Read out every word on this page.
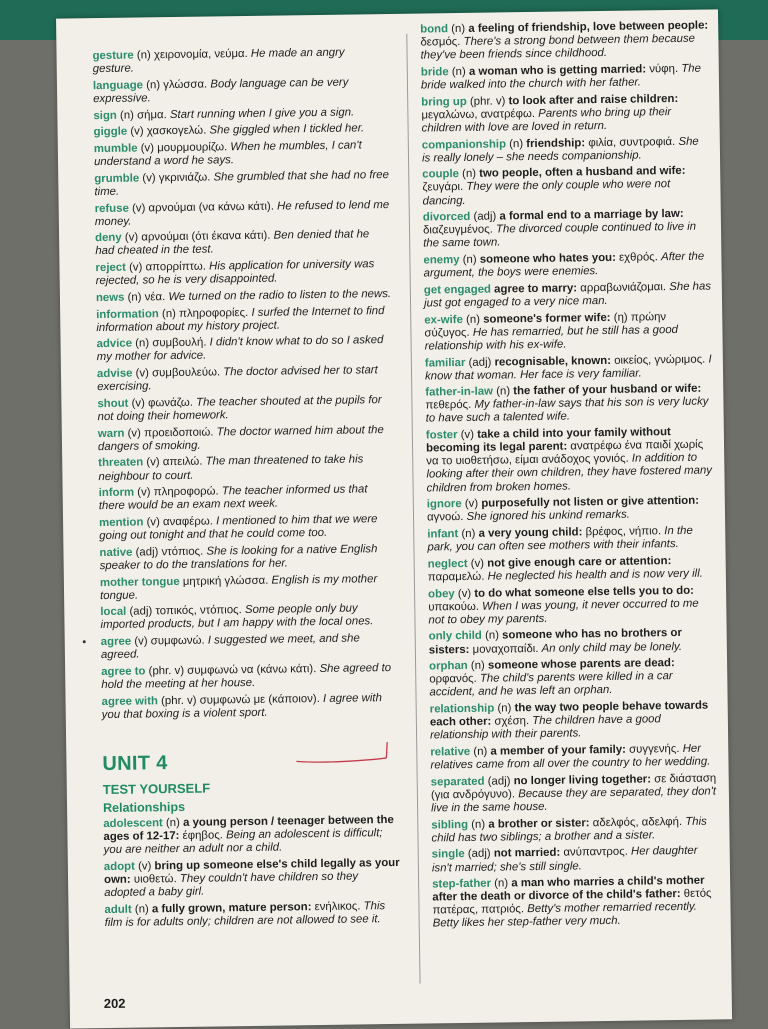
gesture (n) χειρονομία, νεύμα. He made an angry gesture.
language (n) γλώσσα. Body language can be very expressive.
sign (n) σήμα. Start running when I give you a sign.
giggle (v) χασκογελώ. She giggled when I tickled her.
mumble (v) μουρμουρίζω. When he mumbles, I can't understand a word he says.
grumble (v) γκρινιάζω. She grumbled that she had no free time.
refuse (v) αρνούμαι (να κάνω κάτι). He refused to lend me money.
deny (v) αρνούμαι (ότι έκανα κάτι). Ben denied that he had cheated in the test.
reject (v) απορρίπτω. His application for university was rejected, so he is very disappointed.
news (n) νέα. We turned on the radio to listen to the news.
information (n) πληροφορίες. I surfed the Internet to find information about my history project.
advice (n) συμβουλή. I didn't know what to do so I asked my mother for advice.
advise (v) συμβουλεύω. The doctor advised her to start exercising.
shout (v) φωνάζω. The teacher shouted at the pupils for not doing their homework.
warn (v) προειδοποιώ. The doctor warned him about the dangers of smoking.
threaten (v) απειλώ. The man threatened to take his neighbour to court.
inform (v) πληροφορώ. The teacher informed us that there would be an exam next week.
mention (v) αναφέρω. I mentioned to him that we were going out tonight and that he could come too.
native (adj) ντόπιος. She is looking for a native English speaker to do the translations for her.
mother tongue μητρική γλώσσα. English is my mother tongue.
local (adj) τοπικός, ντόπιος. Some people only buy imported products, but I am happy with the local ones.
agree (v) συμφωνώ. I suggested we meet, and she agreed.
agree to (phr. v) συμφωνώ να (κάνω κάτι). She agreed to hold the meeting at her house.
agree with (phr. v) συμφωνώ με (κάποιον). I agree with you that boxing is a violent sport.
UNIT 4
TEST YOURSELF
Relationships
adolescent (n) a young person / teenager between the ages of 12-17: έφηβος. Being an adolescent is difficult; you are neither an adult nor a child.
adopt (v) bring up someone else's child legally as your own: υιοθετώ. They couldn't have children so they adopted a baby girl.
adult (n) a fully grown, mature person: ενήλικος. This film is for adults only; children are not allowed to see it.
bond (n) a feeling of friendship, love between people: δεσμός. There's a strong bond between them because they've been friends since childhood.
bride (n) a woman who is getting married: νύφη. The bride walked into the church with her father.
bring up (phr. v) to look after and raise children: μεγαλώνω, ανατρέφω. Parents who bring up their children with love are loved in return.
companionship (n) friendship: φιλία, συντροφιά. She is really lonely – she needs companionship.
couple (n) two people, often a husband and wife: ζευγάρι. They were the only couple who were not dancing.
divorced (adj) a formal end to a marriage by law: διαζευγμένος. The divorced couple continued to live in the same town.
enemy (n) someone who hates you: εχθρός. After the argument, the boys were enemies.
get engaged agree to marry: αρραβωνιάζομαι. She has just got engaged to a very nice man.
ex-wife (n) someone's former wife: (η) πρώην σύζυγος. He has remarried, but he still has a good relationship with his ex-wife.
familiar (adj) recognisable, known: οικείος, γνώριμος. I know that woman. Her face is very familiar.
father-in-law (n) the father of your husband or wife: πεθερός. My father-in-law says that his son is very lucky to have such a talented wife.
foster (v) take a child into your family without becoming its legal parent: ανατρέφω ένα παιδί χωρίς να το υιοθετήσω, είμαι ανάδοχος γονιός. In addition to looking after their own children, they have fostered many children from broken homes.
ignore (v) purposefully not listen or give attention: αγνοώ. She ignored his unkind remarks.
infant (n) a very young child: βρέφος, νήπιο. In the park, you can often see mothers with their infants.
neglect (v) not give enough care or attention: παραμελώ. He neglected his health and is now very ill.
obey (v) to do what someone else tells you to do: υπακούω. When I was young, it never occurred to me not to obey my parents.
only child (n) someone who has no brothers or sisters: μοναχοπαίδι. An only child may be lonely.
orphan (n) someone whose parents are dead: ορφανός. The child's parents were killed in a car accident, and he was left an orphan.
relationship (n) the way two people behave towards each other: σχέση. The children have a good relationship with their parents.
relative (n) a member of your family: συγγενής. Her relatives came from all over the country to her wedding.
separated (adj) no longer living together: σε διάσταση (για ανδρόγυνο). Because they are separated, they don't live in the same house.
sibling (n) a brother or sister: αδελφός, αδελφή. This child has two siblings; a brother and a sister.
single (adj) not married: ανύπαντρος. Her daughter isn't married; she's still single.
step-father (n) a man who marries a child's mother after the death or divorce of the child's father: θετός πατέρας, πατριός. Betty's mother remarried recently. Betty likes her step-father very much.
202
